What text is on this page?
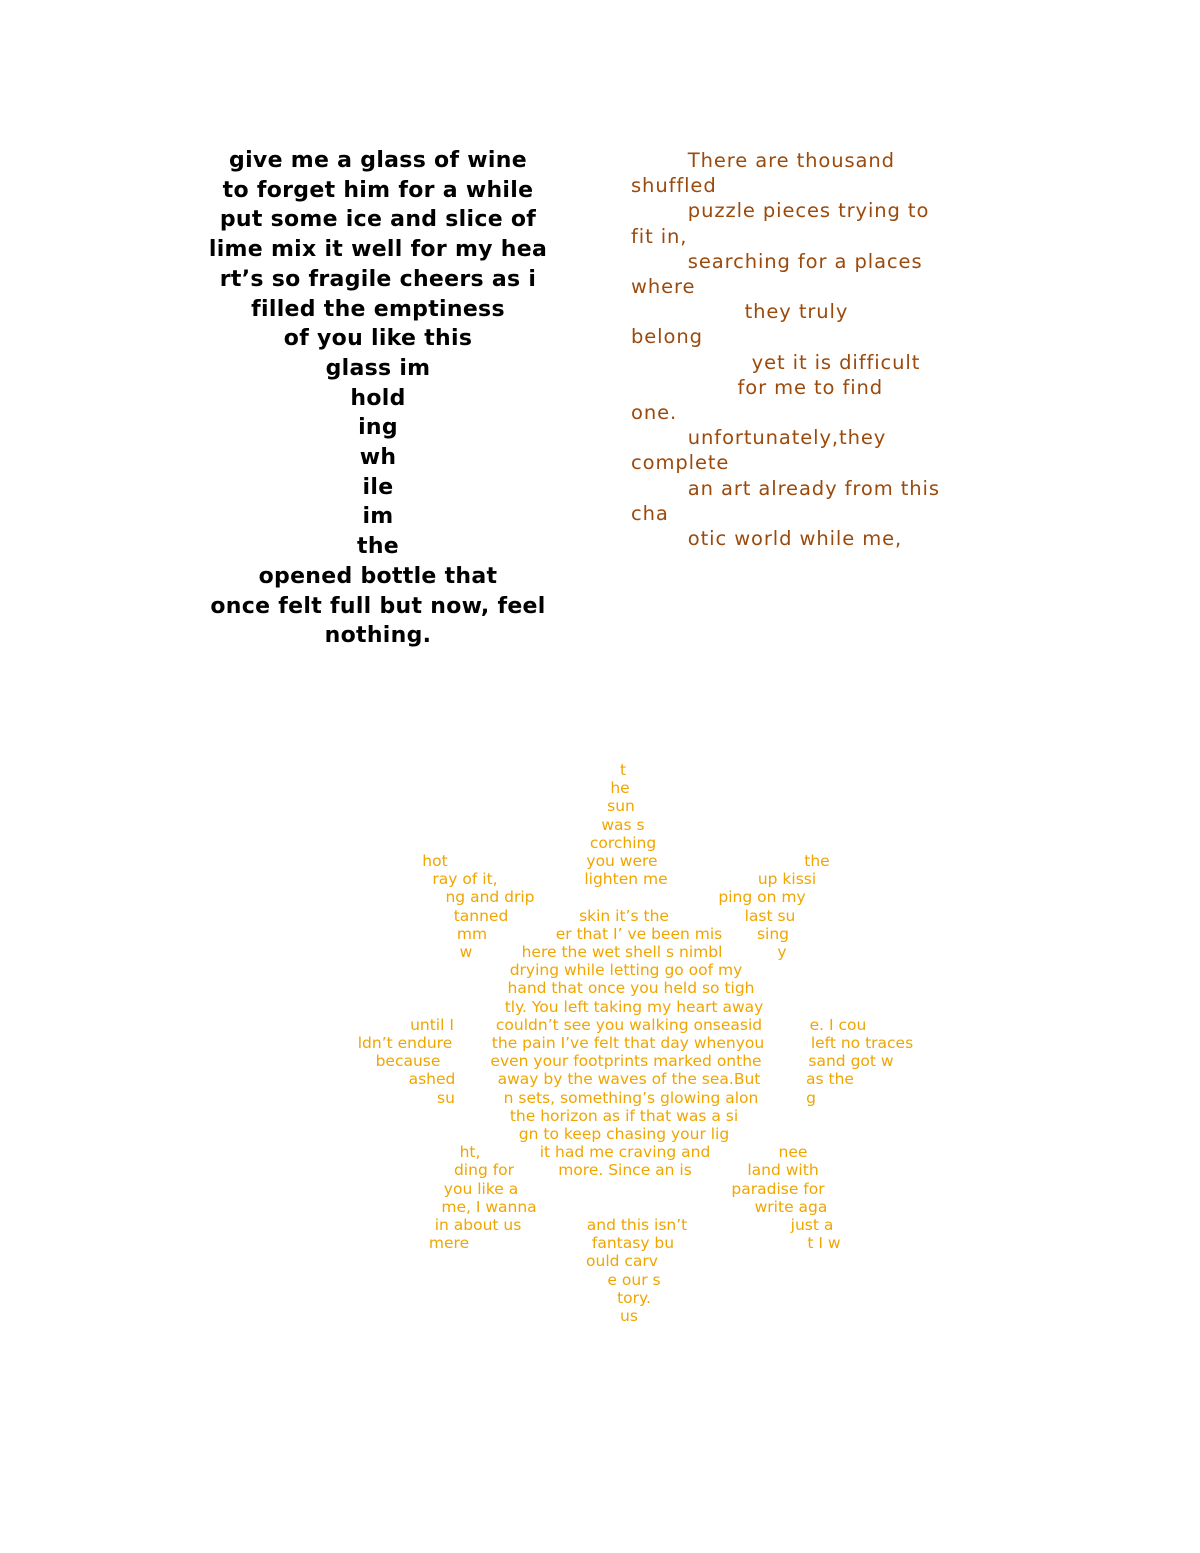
give me a glass of wine
to forget him for a while
put some ice and slice of
lime mix it well for my hea
rt’s so fragile cheers as i
filled the emptiness
of you like this
glass im
hold
ing
wh
ile
im
the
opened bottle that
once felt full but now, feel
nothing.
There are thousand
shuffled
puzzle pieces trying to
fit in,
searching for a places
where
they truly
belong
yet it is difficult
for me to find
one.
unfortunately,they
complete
an art already from this
cha
otic world while me,
t
he
sun
was s
corching
hot	you were	the
ray of it,	lighten me	up kissi
ng and drip	ping on my
tanned	skin it’s the	last su
mm	er that I’ ve been mis sing
w	here the wet shell s nimbl	y
drying while letting go oof my
hand that once you held so tigh
tly. You left taking my heart away
until I	couldn’t see you walking onseasid	e. I cou
ldn’t endure	the pain I’ve felt that day whenyou	left no traces
because	even your footprints marked onthe	sand got w
ashed	away by the waves of the sea.But	as the
su	n sets, something’s glowing alon	g
the horizon as if that was a si
gn to keep chasing your lig
ht,	it had me craving and	nee
ding for	more. Since an is	land with
you like a	paradise for
me, I wanna	write aga
in about us	and this isn’t	just a
mere	fantasy bu	t I w
ould carv
e our s
tory.
us
